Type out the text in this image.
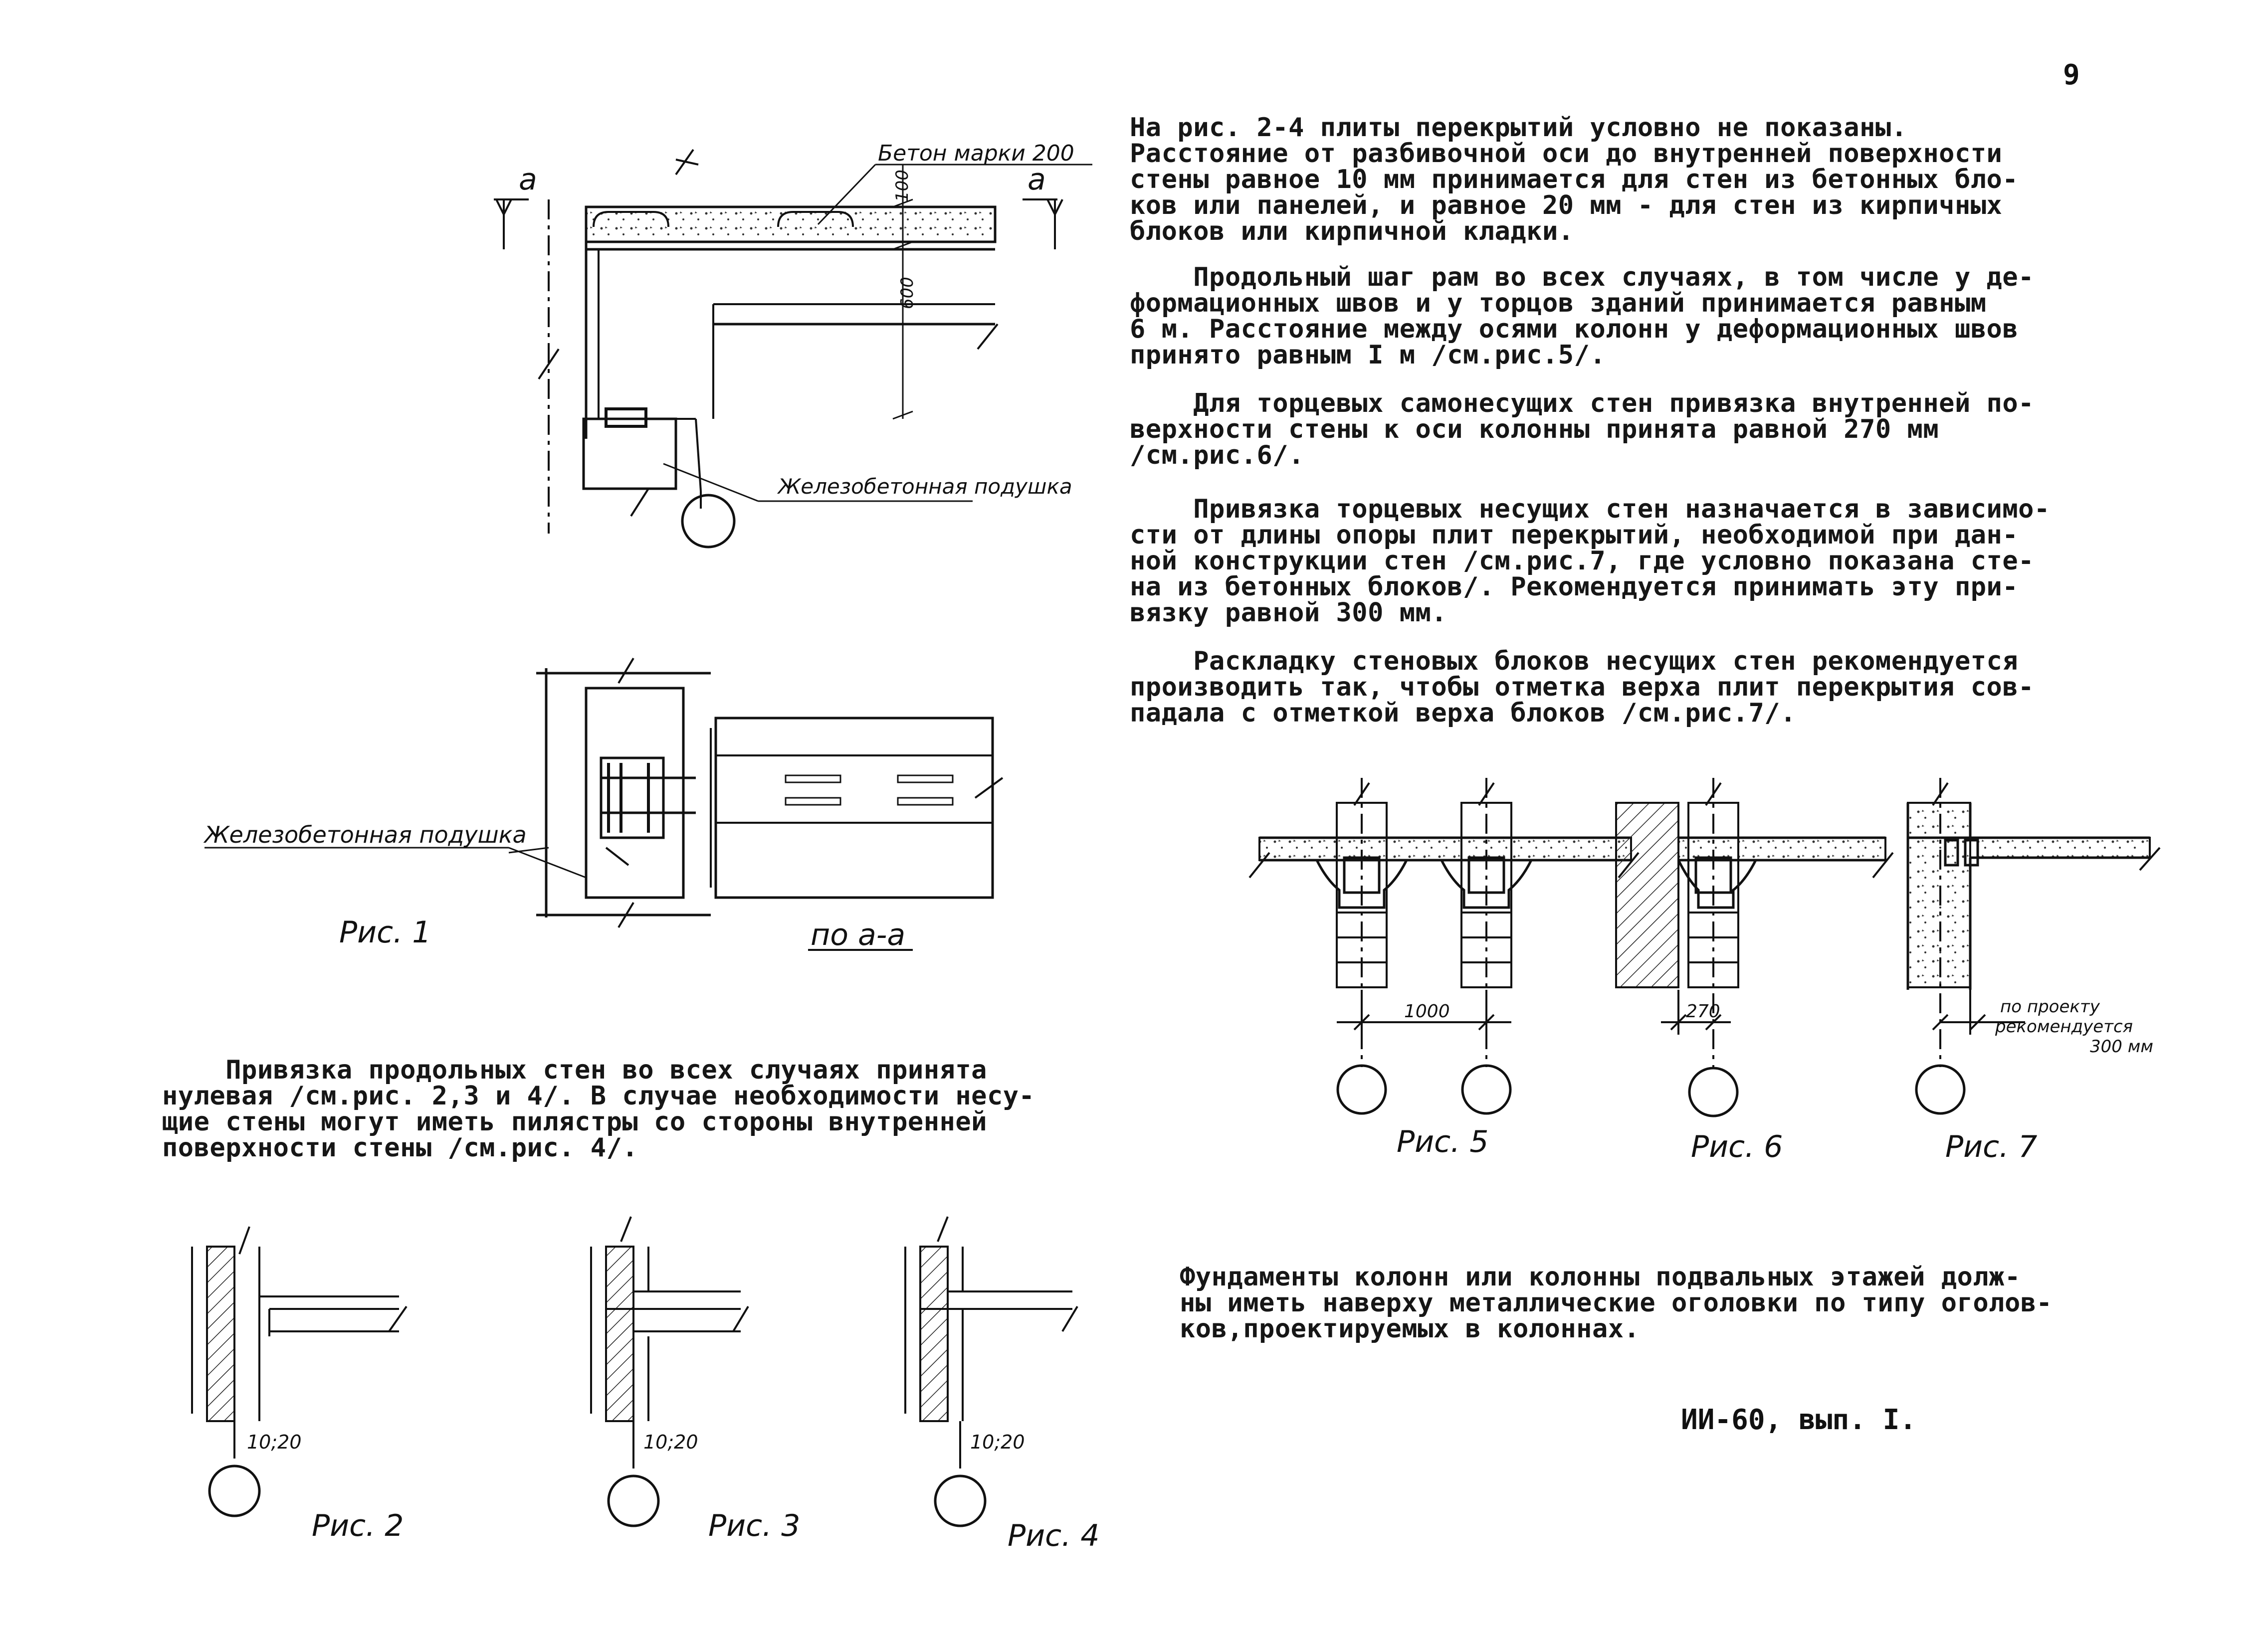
9
На рис. 2-4 плиты перекрытий условно не показаны.
Расстояние от разбивочной оси до внутренней поверхности
стены равное 10 мм принимается для стен из бетонных бло-
ков или панелей, и равное 20 мм - для стен из кирпичных
блоков или кирпичной кладки.
Продольный шаг рам во всех случаях, в том числе у де-
формационных швов и у торцов зданий принимается равным
6 м. Расстояние между осями колонн у деформационных швов
принято равным I м /см.рис.5/.
Для торцевых самонесущих стен привязка внутренней по-
верхности стены к оси колонны принята равной 270 мм
/см.рис.6/.
Привязка торцевых несущих стен назначается в зависимо-
сти от длины опоры плит перекрытий, необходимой при дан-
ной конструкции стен /см.рис.7, где условно показана сте-
на из бетонных блоков/. Рекомендуется принимать эту при-
вязку равной 300 мм.
Раскладку стеновых блоков несущих стен рекомендуется
производить так, чтобы отметка верха плит перекрытия сов-
падала с отметкой верха блоков /см.рис.7/.
Привязка продольных стен во всех случаях принята
нулевая /см.рис. 2,3 и 4/. В случае необходимости несу-
щие стены могут иметь пилястры со стороны внутренней
поверхности стены /см.рис. 4/.
Фундаменты колонн или колонны подвальных этажей долж-
ны иметь наверху металлические оголовки по типу оголов-
ков,проектируемых в колоннах.
ИИ-60, вып. I.
Бетон марки 200
100
600
a	a
Железобетонная подушка
Железобетонная подушка
Рис. 1	по a-a
10;20	10;20	10;20
Рис. 2	Рис. 3	Рис. 4
1000	270	по проекту
рекомендуется
300 мм
Рис. 5	Рис. 6	Рис. 7
